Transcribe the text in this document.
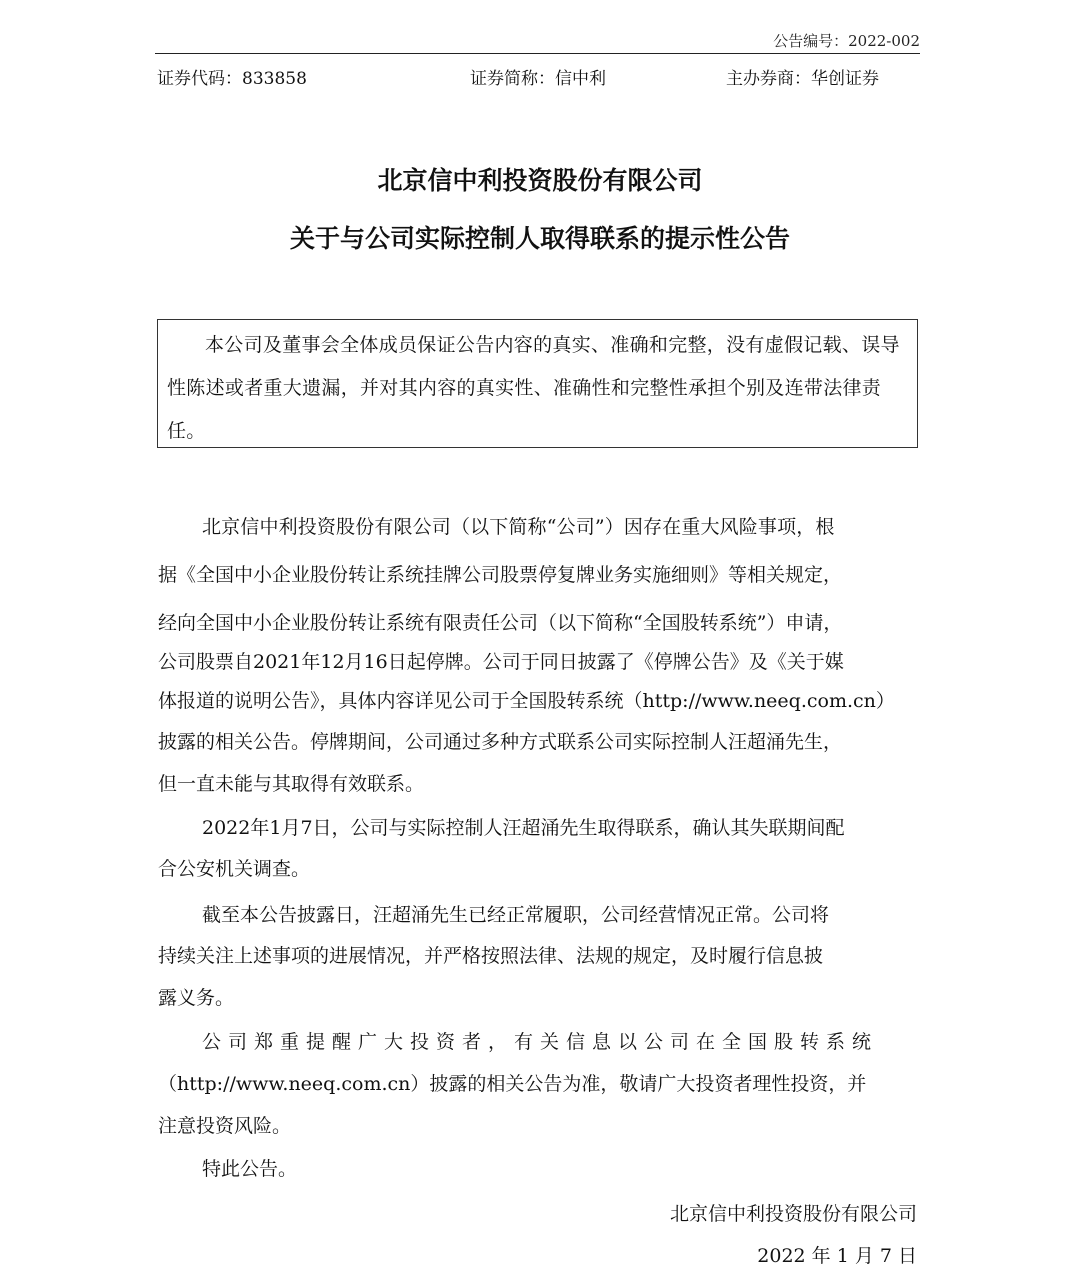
公告编号：2022-002
证券代码：833858	证券简称：信中利	主办券商：华创证券
北京信中利投资股份有限公司
关于与公司实际控制人取得联系的提示性公告

本公司及董事会全体成员保证公告内容的真实、准确和完整，没有虚假记载、误导性陈述或者重大遗漏，并对其内容的真实性、准确性和完整性承担个别及连带法律责任。

北京信中利投资股份有限公司（以下简称“公司”）因存在重大风险事项，根
据《全国中小企业股份转让系统挂牌公司股票停复牌业务实施细则》等相关规定，
经向全国中小企业股份转让系统有限责任公司（以下简称“全国股转系统”）申请，
公司股票自2021年12月16日起停牌。公司于同日披露了《停牌公告》及《关于媒
体报道的说明公告》，具体内容详见公司于全国股转系统（http://www.neeq.com.cn）
披露的相关公告。停牌期间，公司通过多种方式联系公司实际控制人汪超涌先生，
但一直未能与其取得有效联系。
2022年1月7日，公司与实际控制人汪超涌先生取得联系，确认其失联期间配
合公安机关调查。
截至本公告披露日，汪超涌先生已经正常履职，公司经营情况正常。公司将
持续关注上述事项的进展情况，并严格按照法律、法规的规定，及时履行信息披
露义务。
公司郑重提醒广大投资者，有关信息以公司在全国股转系统
（http://www.neeq.com.cn）披露的相关公告为准，敬请广大投资者理性投资，并
注意投资风险。
特此公告。
北京信中利投资股份有限公司
2022 年 1 月 7 日
